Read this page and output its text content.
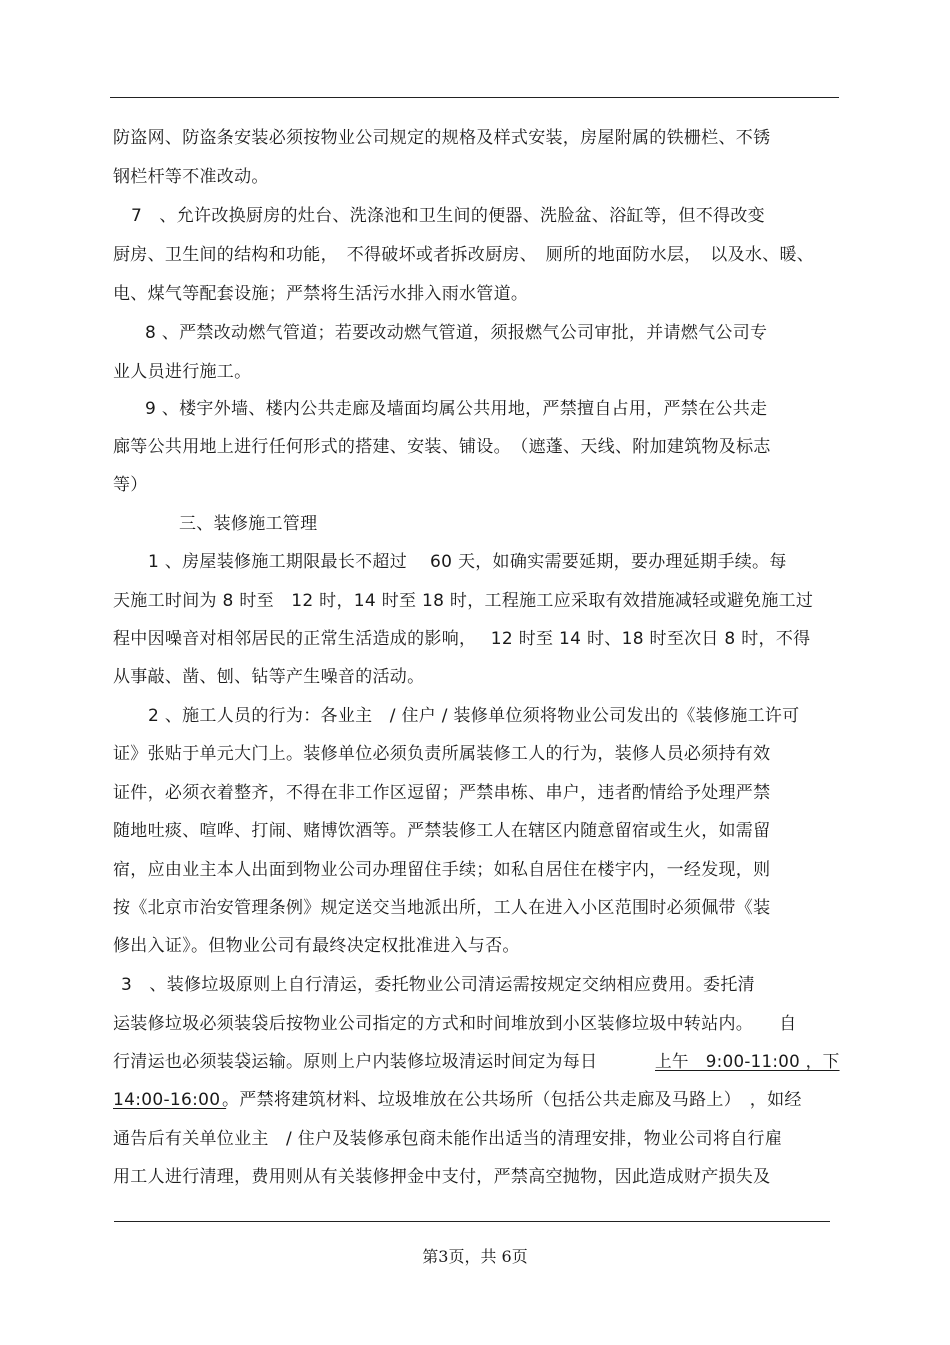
防盗网、防盗条安装必须按物业公司规定的规格及样式安装，房屋附属的铁栅栏、不锈
钢栏杆等不准改动。
7　、允许改换厨房的灶台、洗涤池和卫生间的便器、洗脸盆、浴缸等，但不得改变
厨房、卫生间的结构和功能，　不得破坏或者拆改厨房、　厕所的地面防水层，　以及水、暖、
电、煤气等配套设施；严禁将生活污水排入雨水管道。
8 、严禁改动燃气管道；若要改动燃气管道，须报燃气公司审批，并请燃气公司专
业人员进行施工。
9 、楼宇外墙、楼内公共走廊及墙面均属公共用地，严禁擅自占用，严禁在公共走
廊等公共用地上进行任何形式的搭建、安装、铺设。　（遮蓬、天线、附加建筑物及标志
等）
三、装修施工管理
1 、房屋装修施工期限最长不超过　 60 天，如确实需要延期，要办理延期手续。每
天施工时间为 8 时至　12 时，14 时至 18 时，工程施工应采取有效措施减轻或避免施工过
程中因噪音对相邻居民的正常生活造成的影响，　 12 时至 14 时、18 时至次日 8 时，不得
从事敲、凿、刨、钻等产生噪音的活动。
2 、施工人员的行为：各业主　/ 住户 / 装修单位须将物业公司发出的《装修施工许可
证》张贴于单元大门上。装修单位必须负责所属装修工人的行为，装修人员必须持有效
证件，必须衣着整齐，不得在非工作区逗留；严禁串栋、串户，违者酌情给予处理严禁
随地吐痰、喧哗、打闹、赌博饮酒等。严禁装修工人在辖区内随意留宿或生火，如需留
宿，应由业主本人出面到物业公司办理留住手续；如私自居住在楼宇内，一经发现，则
按《北京市治安管理条例》规定送交当地派出所，工人在进入小区范围时必须佩带《装
修出入证》。但物业公司有最终决定权批准进入与否。
3　、装修垃圾原则上自行清运，委托物业公司清运需按规定交纳相应费用。委托清
运装修垃圾必须装袋后按物业公司指定的方式和时间堆放到小区装修垃圾中转站内。　　自
行清运也必须装袋运输。原则上户内装修垃圾清运时间定为每日	上午　9:00-11:00 ，下
14:00-16:00
。严禁将建筑材料、垃圾堆放在公共场所（包括公共走廊及马路上）　，如经
通告后有关单位业主　/ 住户及装修承包商未能作出适当的清理安排，物业公司将自行雇
用工人进行清理，费用则从有关装修押金中支付，严禁高空抛物，因此造成财产损失及
第3页，共 6页
